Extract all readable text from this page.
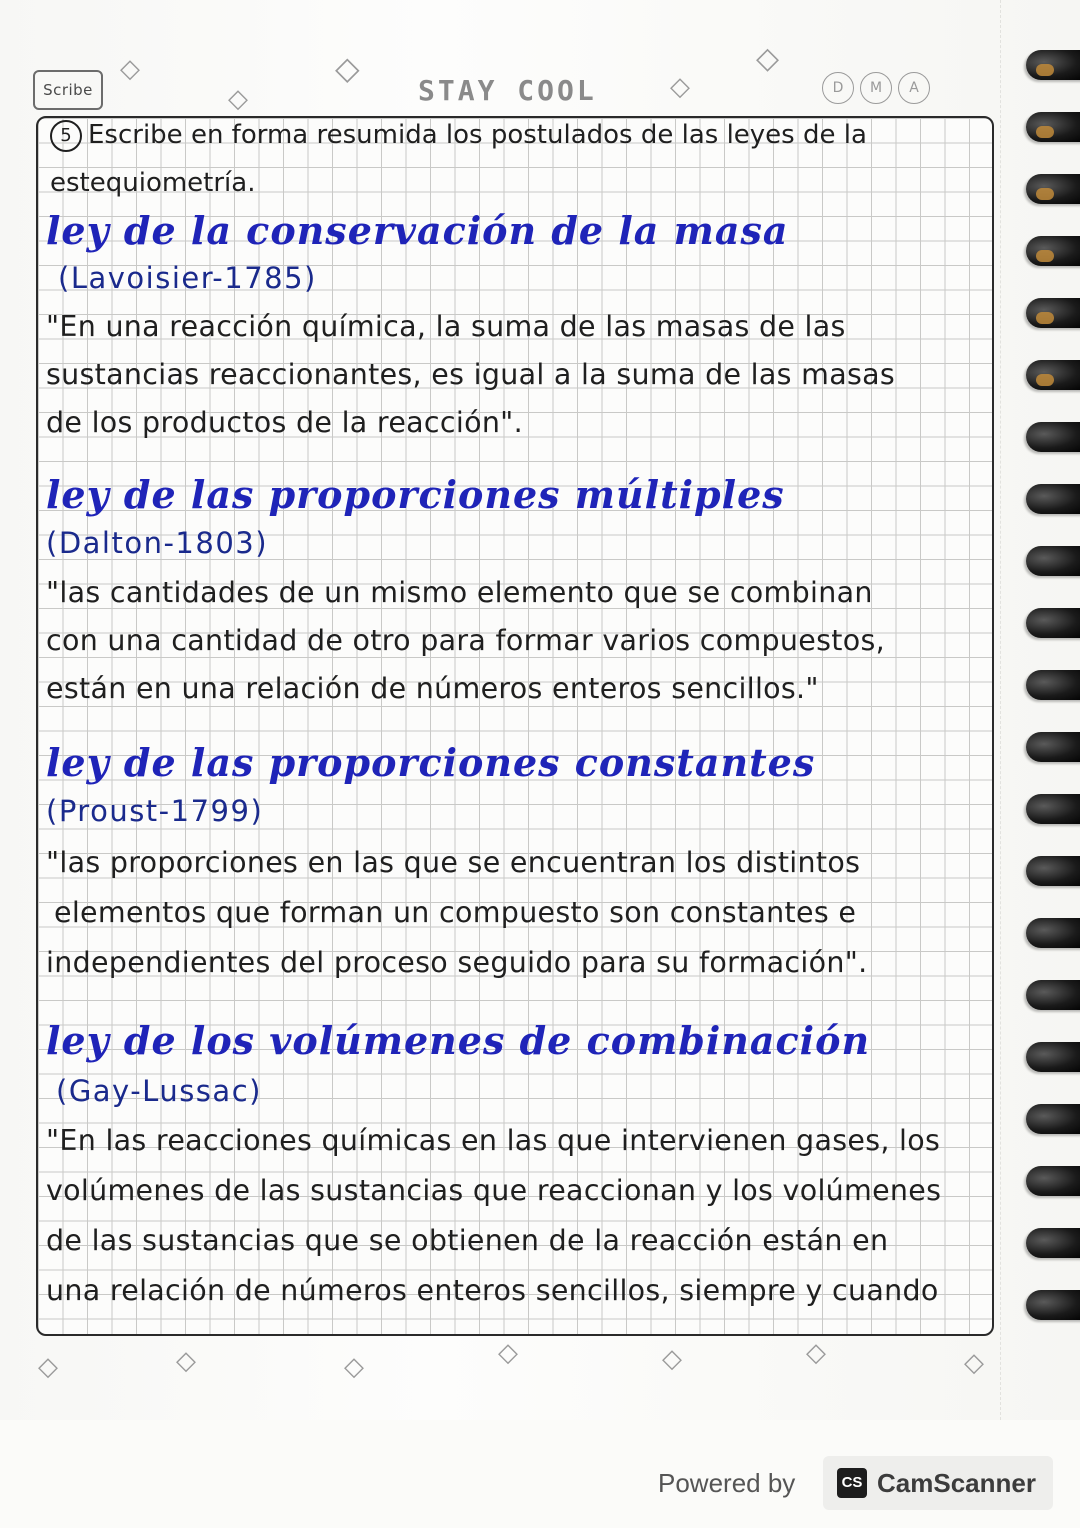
Scribe
◇
◇
◇	◇
◇
STAY COOL	D	M	A
5 Escribe en forma resumida los postulados de las leyes de la
estequiometría.
ley de la conservación de la masa
(Lavoisier-1785)
"En una reacción química, la suma de las masas de las
sustancias reaccionantes, es igual a la suma de las masas
de los productos de la reacción".
ley de las proporciones múltiples
(Dalton-1803)
"las cantidades de un mismo elemento que se combinan
con una cantidad de otro para formar varios compuestos,
están en una relación de números enteros sencillos."
ley de las proporciones constantes
(Proust-1799)
"las proporciones en las que se encuentran los distintos
elementos que forman un compuesto son constantes e
independientes del proceso seguido para su formación".
ley de los volúmenes de combinación
(Gay-Lussac)
"En las reacciones químicas en las que intervienen gases, los
volúmenes de las sustancias que reaccionan y los volúmenes
de las sustancias que se obtienen de la reacción están en
una relación de números enteros sencillos, siempre y cuando
◇	◇	◇	◇	◇	◇	◇
Powered by	CS CamScanner
